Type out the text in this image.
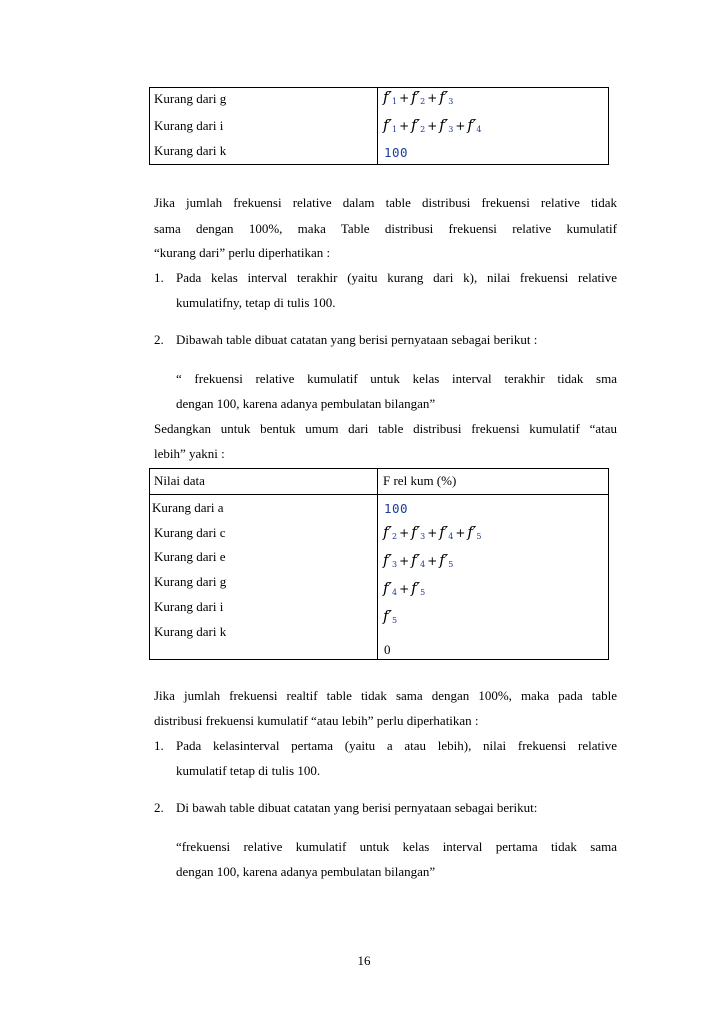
Kurang dari g
Kurang dari i
Kurang dari k
$f'_1 + f'_2 + f'_3$
$f'_1 + f'_2 + f'_3 + f'_4$
100

Jika jumlah frekuensi relative dalam table distribusi frekuensi relative tidak

sama dengan 100%, maka Table distribusi frekuensi relative kumulatif

“kurang dari” perlu diperhatikan :

1. Pada kelas interval terakhir (yaitu kurang dari k), nilai frekuensi relative
kumulatifny, tetap di tulis 100.
2. Dibawah table dibuat catatan yang berisi pernyataan sebagai berikut :
“ frekuensi relative kumulatif untuk kelas interval terakhir tidak sma
dengan 100, karena adanya pembulatan bilangan”

Sedangkan untuk bentuk umum dari table distribusi frekuensi kumulatif “atau

lebih” yakni :

Nilai data	F rel kum (%)
Kurang dari a
Kurang dari c
Kurang dari e
Kurang dari g
Kurang dari i
Kurang dari k
100
$f'_2 + f'_3 + f'_4 + f'_5$
$f'_3 + f'_4 + f'_5$
$f'_4 + f'_5$
$f'_5$
0

Jika jumlah frekuensi realtif table tidak sama dengan 100%, maka pada table

distribusi frekuensi kumulatif “atau lebih” perlu diperhatikan :

1. Pada kelasinterval pertama (yaitu a atau lebih), nilai frekuensi relative
kumulatif tetap di tulis 100.
2. Di bawah table dibuat catatan yang berisi pernyataan sebagai berikut:
“frekuensi relative kumulatif untuk kelas interval pertama tidak sama
dengan 100, karena adanya pembulatan bilangan”
16
